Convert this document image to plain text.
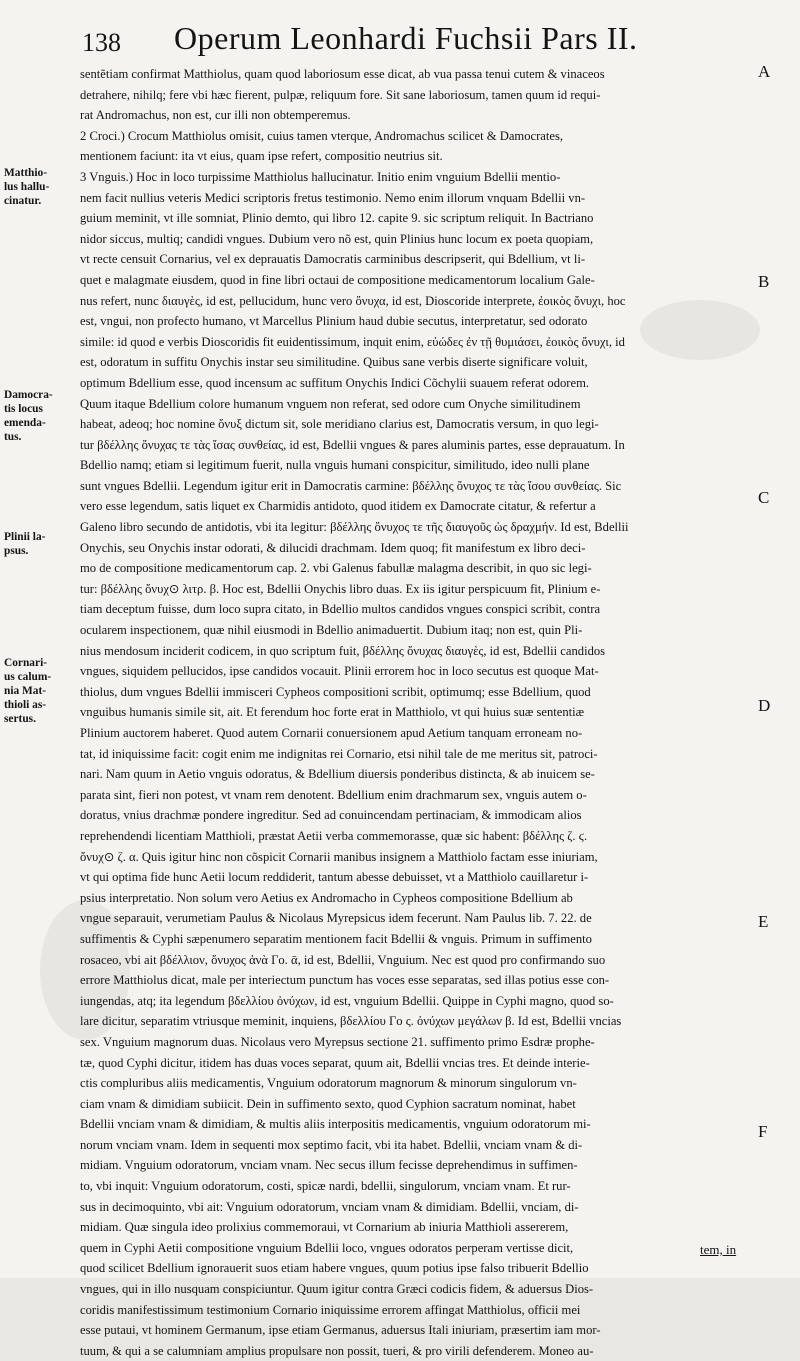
138 Operum Leonhardi Fuchsii Pars II.
sentẽtiam confirmat Matthiolus, quam quod laboriosum esse dicat, ab vua passa tenui cutem & vinaceos
detrahere, nihilq; fere vbi hæc fierent, pulpæ, reliquum fore. Sit sane laboriosum, tamen quum id requi-
rat Andromachus, non est, cur illi non obtemperemus.
2 Croci.) Crocum Matthiolus omisit, cuius tamen vterque, Andromachus scilicet & Damocrates,
mentionem faciunt: ita vt eius, quam ipse refert, compositio neutrius sit.
3 Vnguis.) Hoc in loco turpissime Matthiolus hallucinatur. Initio enim vnguium Bdellii mentio-
nem facit nullius veteris Medici scriptoris fretus testimonio. Nemo enim illorum vnquam Bdellii vn-
guium meminit, vt ille somniat, Plinio demto, qui libro 12. capite 9. sic scriptum reliquit. In Bactriano
nidor siccus, multiq; candidi vngues. Dubium vero nõ est, quin Plinius hunc locum ex poeta quopiam,
vt recte censuit Cornarius, vel ex deprauatis Damocratis carminibus descripserit, qui Bdellium, vt li-
quet e malagmate eiusdem, quod in fine libri octaui de compositione medicamentorum localium Gale-
nus refert, nunc διαυγὲς, id est, pellucidum, hunc vero ὄνυχα, id est, Dioscoride interprete, ἐοικὸς ὄνυχι, hoc
est, vngui, non profecto humano, vt Marcellus Plinium haud dubie secutus, interpretatur, sed odorato
simile: id quod e verbis Dioscoridis fit euidentissimum, inquit enim, εὐώδες ἐν τῇ θυμιάσει, ἐοικὸς ὄνυχι, id
est, odoratum in suffitu Onychis instar seu similitudine. Quibus sane verbis diserte significare voluit,
optimum Bdellium esse, quod incensum ac suffitum Onychis Indici Cõchylii suauem referat odorem.
Quum itaque Bdellium colore humanum vnguem non referat, sed odore cum Onyche similitudinem
habeat, adeoq; hoc nomine ὄνυξ dictum sit, sole meridiano clarius est, Damocratis versum, in quo legi-
tur βδέλλης ὄνυχας τε τὰς ἴσας συνθείας, id est, Bdellii vngues & pares aluminis partes, esse deprauatum. In
Bdellio namq; etiam si legitimum fuerit, nulla vnguis humani conspicitur, similitudo, ideo nulli plane
sunt vngues Bdellii. Legendum igitur erit in Damocratis carmine: βδέλλης ὄνυχος τε τὰς ἴσου συνθείας. Sic
vero esse legendum, satis liquet ex Charmidis antidoto, quod itidem ex Damocrate citatur, & refertur a
Galeno libro secundo de antidotis, vbi ita legitur: βδέλλης ὄνυχος τε τῆς διαυγοῦς ὡς δραχμήν. Id est, Bdellii
Onychis, seu Onychis instar odorati, & dilucidi drachmam. Idem quoq; fit manifestum ex libro deci-
mo de compositione medicamentorum cap. 2. vbi Galenus fabullæ malagma describit, in quo sic legi-
tur: βδέλλης ὄνυχ⊙ λιτρ. β. Hoc est, Bdellii Onychis libro duas. Ex iis igitur perspicuum fit, Plinium e-
tiam deceptum fuisse, dum loco supra citato, in Bdellio multos candidos vngues conspici scribit, contra
ocularem inspectionem, quæ nihil eiusmodi in Bdellio animaduertit. Dubium itaq; non est, quin Pli-
nius mendosum inciderit codicem, in quo scriptum fuit, βδέλλης ὄνυχας διαυγὲς, id est, Bdellii candidos
vngues, siquidem pellucidos, ipse candidos vocauit. Plinii errorem hoc in loco secutus est quoque Mat-
thiolus, dum vngues Bdellii immisceri Cypheos compositioni scribit, optimumq; esse Bdellium, quod
vnguibus humanis simile sit, ait. Et ferendum hoc forte erat in Matthiolo, vt qui huius suæ sententiæ
Plinium auctorem haberet. Quod autem Cornarii conuersionem apud Aetium tanquam erroneam no-
tat, id iniquissime facit: cogit enim me indignitas rei Cornario, etsi nihil tale de me meritus sit, patroci-
nari. Nam quum in Aetio vnguis odoratus, & Bdellium diuersis ponderibus distincta, & ab inuicem se-
parata sint, fieri non potest, vt vnam rem denotent. Bdellium enim drachmarum sex, vnguis autem o-
doratus, vnius drachmæ pondere ingreditur. Sed ad conuincendam pertinaciam, & immodicam alios
reprehendendi licentiam Matthioli, præstat Aetii verba commemorasse, quæ sic habent: βδέλλης ζ. ϛ.
ὄνυχ⊙ ζ. α. Quis igitur hinc non cõspicit Cornarii manibus insignem a Matthiolo factam esse iniuriam,
vt qui optima fide hunc Aetii locum reddiderit, tantum abesse debuisset, vt a Matthiolo cauillaretur i-
psius interpretatio. Non solum vero Aetius ex Andromacho in Cypheos compositione Bdellium ab
vngue separauit, verumetiam Paulus & Nicolaus Myrepsicus idem fecerunt. Nam Paulus lib. 7. 22. de
suffimentis & Cyphi sæpenumero separatim mentionem facit Bdellii & vnguis. Primum in suffimento
rosaceo, vbi ait βδέλλιον, ὄνυχος ἀνὰ Γο. ᾱ, id est, Bdellii, Vnguium. Nec est quod pro confirmando suo
errore Matthiolus dicat, male per interiectum punctum has voces esse separatas, sed illas potius esse con-
iungendas, atq; ita legendum βδελλίου ὀνύχων, id est, vnguium Bdellii. Quippe in Cyphi magno, quod so-
lare dicitur, separatim vtriusque meminit, inquiens, βδελλίου Γο ς. ὀνύχων μεγάλων β. Id est, Bdellii vncias
sex. Vnguium magnorum duas. Nicolaus vero Myrepsus sectione 21. suffimento primo Esdræ prophe-
tæ, quod Cyphi dicitur, itidem has duas voces separat, quum ait, Bdellii vncias tres. Et deinde interie-
ctis compluribus aliis medicamentis, Vnguium odoratorum magnorum & minorum singulorum vn-
ciam vnam & dimidiam subiicit. Dein in suffimento sexto, quod Cyphion sacratum nominat, habet
Bdellii vnciam vnam & dimidiam, & multis aliis interpositis medicamentis, vnguium odoratorum mi-
norum vnciam vnam. Idem in sequenti mox septimo facit, vbi ita habet. Bdellii, vnciam vnam & di-
midiam. Vnguium odoratorum, vnciam vnam. Nec secus illum fecisse deprehendimus in suffimen-
to, vbi inquit: Vnguium odoratorum, costi, spicæ nardi, bdellii, singulorum, vnciam vnam. Et rur-
sus in decimoquinto, vbi ait: Vnguium odoratorum, vnciam vnam & dimidiam. Bdellii, vnciam, di-
midiam. Quæ singula ideo prolixius commemoraui, vt Cornarium ab iniuria Matthioli assererem,
quem in Cyphi Aetii compositione vnguium Bdellii loco, vngues odoratos perperam vertisse dicit,
quod scilicet Bdellium ignorauerit suos etiam habere vngues, quum potius ipse falso tribuerit Bdellio
vngues, qui in illo nusquam conspiciuntur. Quum igitur contra Græci codicis fidem, & aduersus Dios-
coridis manifestissimum testimonium Cornario iniquissime errorem affingat Matthiolus, officii mei
esse putaui, vt hominem Germanum, ipse etiam Germanus, aduersus Itali iniuriam, præsertim iam mor-
tuum, & qui a se calumniam amplius propulsare non possit, tueri, & pro virili defenderem. Moneo au-
Matthio-
lus hallu-
cinatur.
Damocra-
tis locus
emenda-
tus.
Plinii la-
psus.
Cornari-
us calum-
nia Mat-
thioli as-
sertus.
A
B
C
D
E
F
tem, in
